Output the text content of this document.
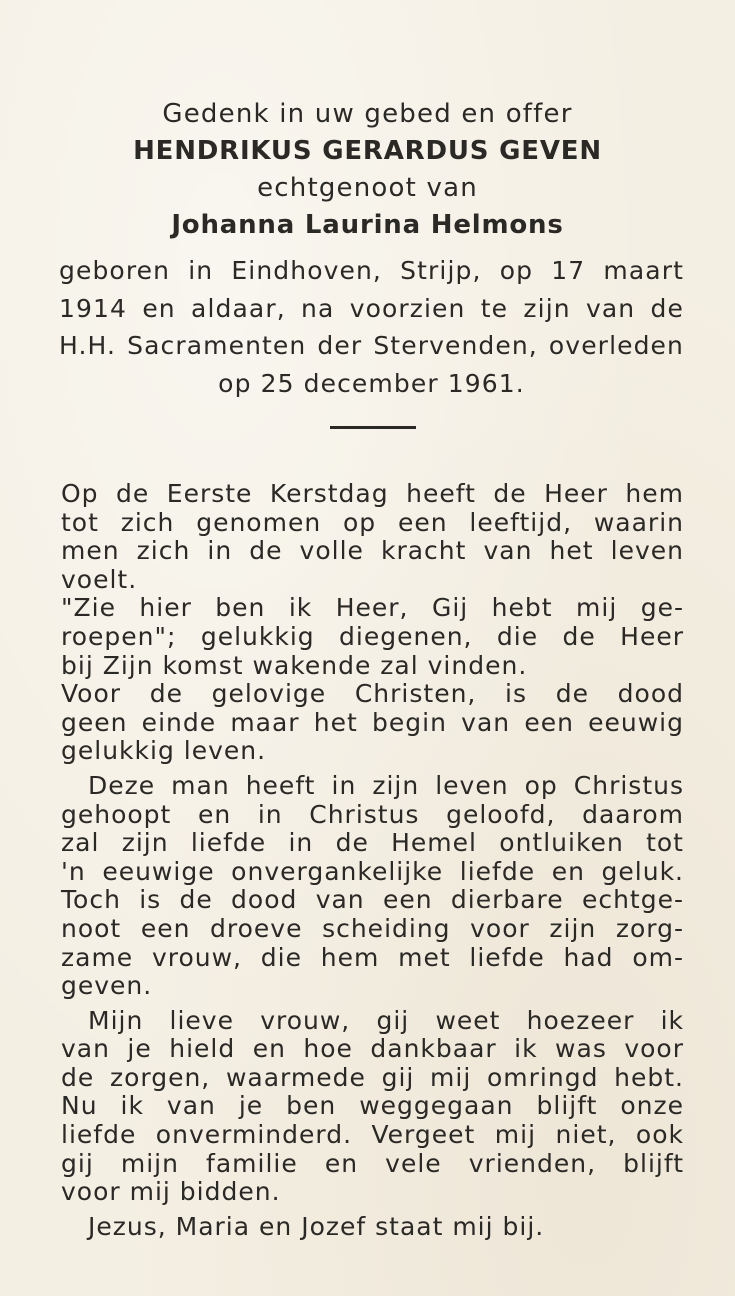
Gedenk in uw gebed en offer
HENDRIKUS GERARDUS GEVEN
echtgenoot van
Johanna Laurina Helmons
geboren in Eindhoven, Strijp, op 17 maart
1914 en aldaar, na voorzien te zijn van de
H.H. Sacramenten der Stervenden, overleden
op 25 december 1961.
Op de Eerste Kerstdag heeft de Heer hem
tot zich genomen op een leeftijd, waarin
men zich in de volle kracht van het leven
voelt.
"Zie hier ben ik Heer, Gij hebt mij ge-
roepen"; gelukkig diegenen, die de Heer
bij Zijn komst wakende zal vinden.
Voor de gelovige Christen, is de dood
geen einde maar het begin van een eeuwig
gelukkig leven.
Deze man heeft in zijn leven op Christus
gehoopt en in Christus geloofd, daarom
zal zijn liefde in de Hemel ontluiken tot
'n eeuwige onvergankelijke liefde en geluk.
Toch is de dood van een dierbare echtge-
noot een droeve scheiding voor zijn zorg-
zame vrouw, die hem met liefde had om-
geven.
Mijn lieve vrouw, gij weet hoezeer ik
van je hield en hoe dankbaar ik was voor
de zorgen, waarmede gij mij omringd hebt.
Nu ik van je ben weggegaan blijft onze
liefde onverminderd. Vergeet mij niet, ook
gij mijn familie en vele vrienden, blijft
voor mij bidden.
Jezus, Maria en Jozef staat mij bij.
